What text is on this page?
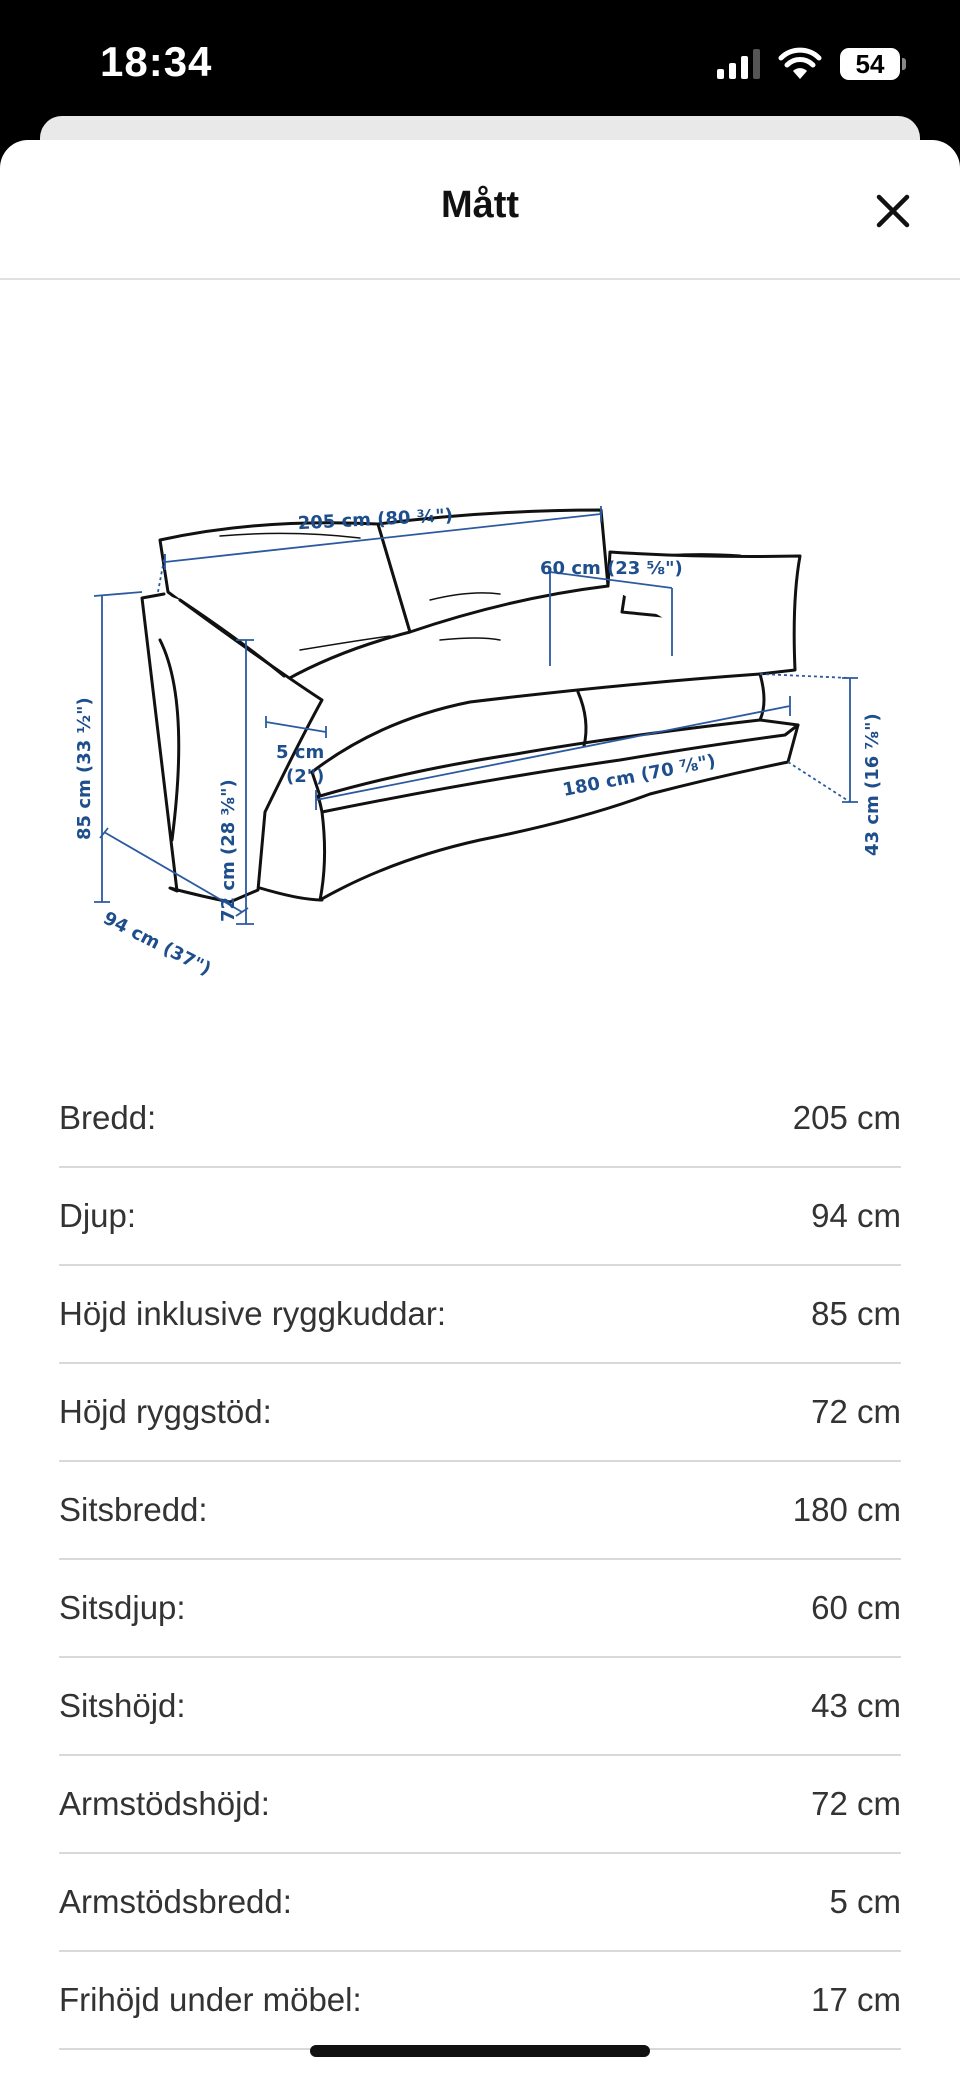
18:34	54
Mått
205 cm (80 ¾")
85 cm (33 ½")
94 cm (37")
72 cm (28 ⅜")
5 cm
(2")
60 cm (23 ⅝")
180 cm (70 ⅞")	43 cm (16 ⅞")
Bredd:	205 cm
Djup:	94 cm
Höjd inklusive ryggkuddar:	85 cm
Höjd ryggstöd:	72 cm
Sitsbredd:	180 cm
Sitsdjup:	60 cm
Sitshöjd:	43 cm
Armstödshöjd:	72 cm
Armstödsbredd:	5 cm
Frihöjd under möbel:	17 cm
